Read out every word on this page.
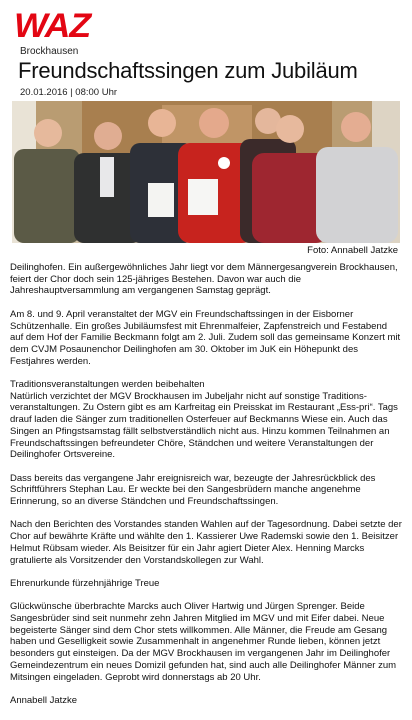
WAZ
Brockhausen
Freundschaftssingen zum Jubiläum
20.01.2016 | 08:00 Uhr
Foto: Annabell Jatzke

Deilinghofen. Ein außergewöhnliches Jahr liegt vor dem Männergesangverein Brockhausen, feiert der Chor doch sein 125-jähriges Bestehen. Davon war auch die Jahreshauptversammlung am vergangenen Samstag geprägt.

Am 8. und 9. April veranstaltet der MGV ein Freundschaftssingen in der Eisborner Schützenhalle. Ein großes Jubiläumsfest mit Ehrenmalfeier, Zapfenstreich und Festabend auf dem Hof der Familie Beckmann folgt am 2. Juli. Zudem soll das gemeinsame Konzert mit dem CVJM Posaunenchor Deilinghofen am 30. Oktober im JuK ein Höhepunkt des Festjahres werden.

Traditionsveranstaltungen werden beibehalten

Natürlich verzichtet der MGV Brockhausen im Jubeljahr nicht auf sonstige Traditionsveranstaltungen. Zu Ostern gibt es am Karfreitag ein Preisskat im Restaurant „Ess-pri“. Tags drauf laden die Sänger zum traditionellen Osterfeuer auf Beckmanns Wiese ein. Auch das Singen an Pfingstsamstag fällt selbstverständlich nicht aus. Hinzu kommen Teilnahmen an Freundschaftssingen befreundeter Chöre, Ständchen und weitere Veranstaltungen der Deilinghofer Ortsvereine.

Dass bereits das vergangene Jahr ereignisreich war, bezeugte der Jahresrückblick des Schriftführers Stephan Lau. Er weckte bei den Sangesbrüdern manche angenehme Erinnerung, so an diverse Ständchen und Freundschaftssingen.

Nach den Berichten des Vorstandes standen Wahlen auf der Tagesordnung. Dabei setzte der Chor auf bewährte Kräfte und wählte den 1. Kassierer Uwe Rademski sowie den 1. Beisitzer Helmut Rübsam wieder. Als Beisitzer für ein Jahr agiert Dieter Alex. Henning Marcks gratulierte als Vorsitzender den Vorstandskollegen zur Wahl.

Ehrenurkunde fürzehnjährige Treue

Glückwünsche überbrachte Marcks auch Oliver Hartwig und Jürgen Sprenger. Beide Sangesbrüder sind seit nunmehr zehn Jahren Mitglied im MGV und mit Eifer dabei. Neue begeisterte Sänger sind dem Chor stets willkommen. Alle Männer, die Freude am Gesang haben und Geselligkeit sowie Zusammenhalt in angenehmer Runde lieben, können jetzt besonders gut einsteigen. Da der MGV Brockhausen im vergangenen Jahr im Deilinghofer Gemeindezentrum ein neues Domizil gefunden hat, sind auch alle Deilinghofer Männer zum Mitsingen eingeladen. Geprobt wird donnerstags ab 20 Uhr.

Annabell Jatzke
